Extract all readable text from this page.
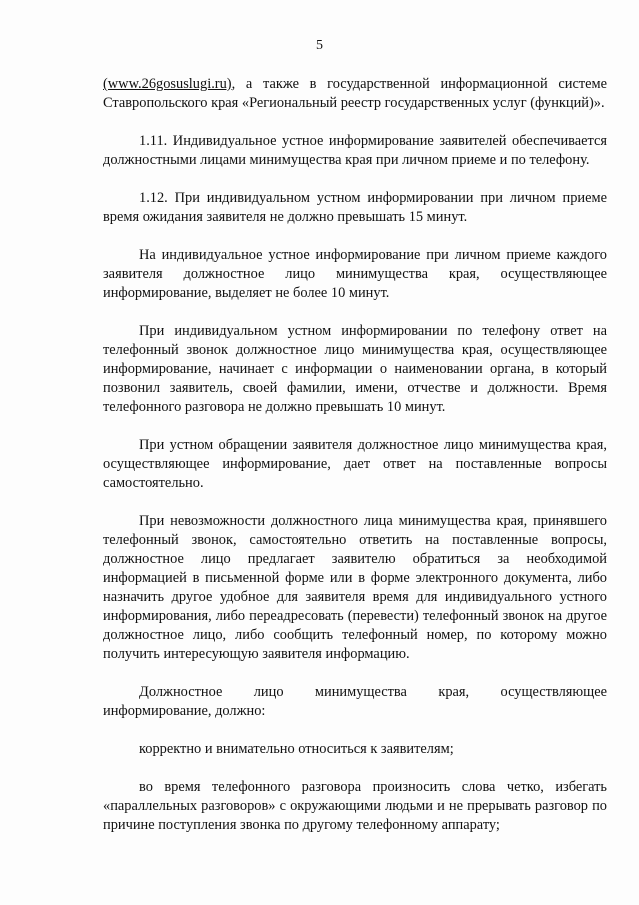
5

(www.26gosuslugi.ru), а также в государственной информационной системе Ставропольского края «Региональный реестр государственных услуг (функций)».

1.11. Индивидуальное устное информирование заявителей обеспечивается должностными лицами минимущества края при личном приеме и по телефону.

1.12. При индивидуальном устном информировании при личном приеме время ожидания заявителя не должно превышать 15 минут.

На индивидуальное устное информирование при личном приеме каждого заявителя должностное лицо минимущества края, осуществляющее информирование, выделяет не более 10 минут.

При индивидуальном устном информировании по телефону ответ на телефонный звонок должностное лицо минимущества края, осуществляющее информирование, начинает с информации о наименовании органа, в который позвонил заявитель, своей фамилии, имени, отчестве и должности. Время телефонного разговора не должно превышать 10 минут.

При устном обращении заявителя должностное лицо минимущества края, осуществляющее информирование, дает ответ на поставленные вопросы самостоятельно.

При невозможности должностного лица минимущества края, принявшего телефонный звонок, самостоятельно ответить на поставленные вопросы, должностное лицо предлагает заявителю обратиться за необходимой информацией в письменной форме или в форме электронного документа, либо назначить другое удобное для заявителя время для индивидуального устного информирования, либо переадресовать (перевести) телефонный звонок на другое должностное лицо, либо сообщить телефонный номер, по которому можно получить интересующую заявителя информацию.

Должностное лицо минимущества края, осуществляющее информирование, должно:

корректно и внимательно относиться к заявителям;

во время телефонного разговора произносить слова четко, избегать «параллельных разговоров» с окружающими людьми и не прерывать разговор по причине поступления звонка по другому телефонному аппарату;
